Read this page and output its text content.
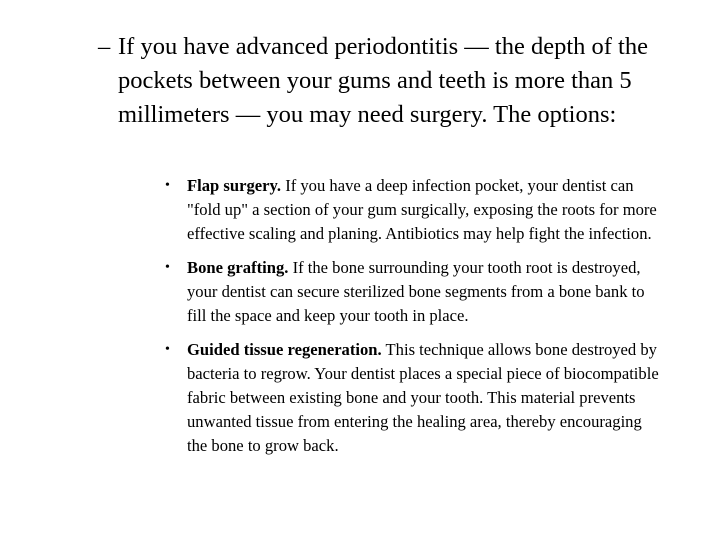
– If you have advanced periodontitis — the depth of the pockets between your gums and teeth is more than 5 millimeters — you may need surgery. The options:
• Flap surgery. If you have a deep infection pocket, your dentist can "fold up" a section of your gum surgically, exposing the roots for more effective scaling and planing. Antibiotics may help fight the infection.
• Bone grafting. If the bone surrounding your tooth root is destroyed, your dentist can secure sterilized bone segments from a bone bank to fill the space and keep your tooth in place.
• Guided tissue regeneration. This technique allows bone destroyed by bacteria to regrow. Your dentist places a special piece of biocompatible fabric between existing bone and your tooth. This material prevents unwanted tissue from entering the healing area, thereby encouraging the bone to grow back.
